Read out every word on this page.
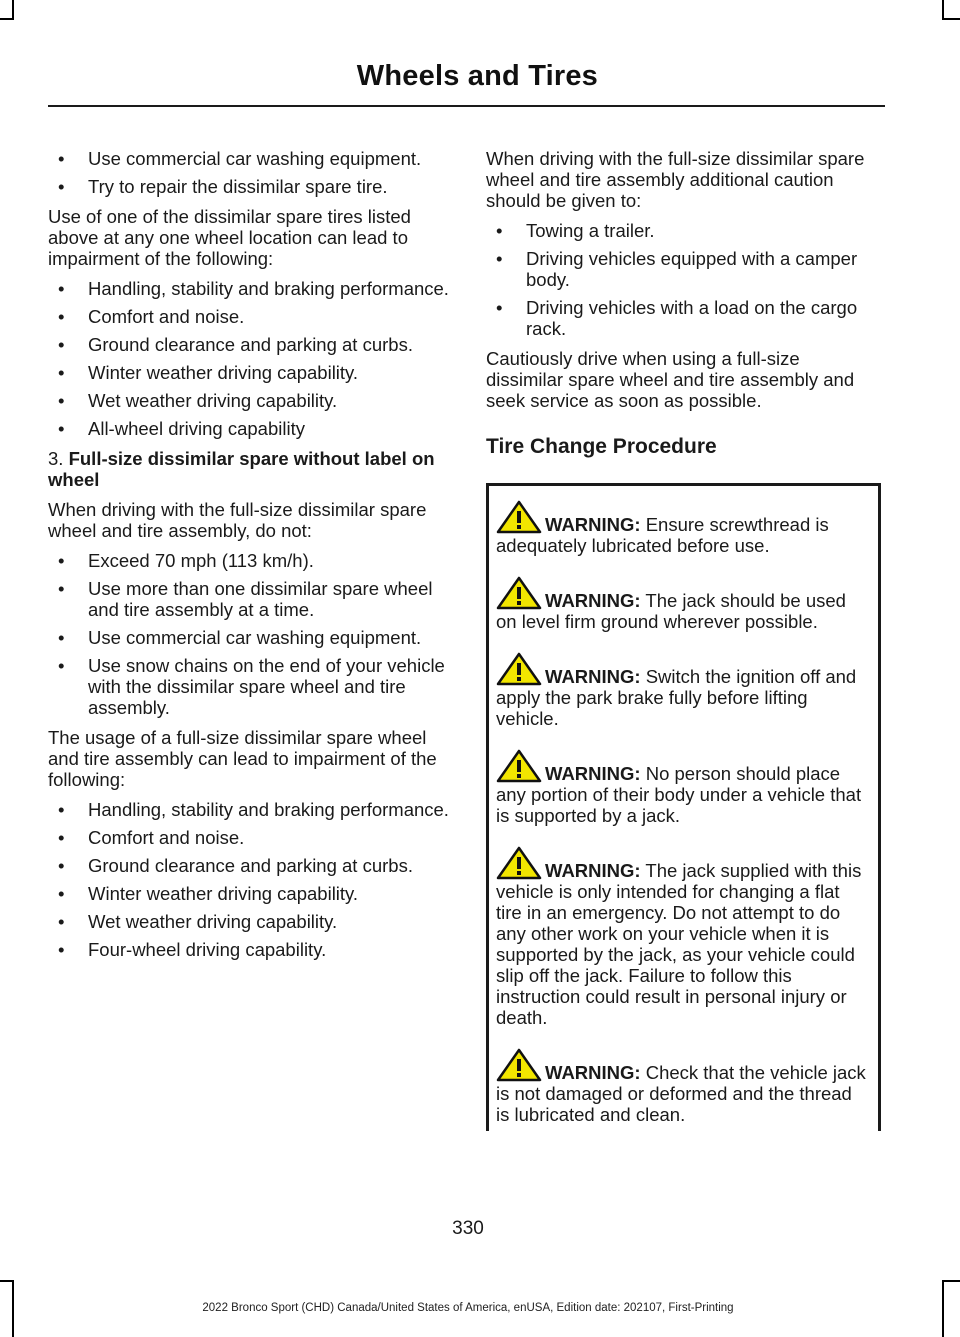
Wheels and Tires
• Use commercial car washing equipment.
• Try to repair the dissimilar spare tire.

Use of one of the dissimilar spare tires listed above at any one wheel location can lead to impairment of the following:

• Handling, stability and braking performance.
• Comfort and noise.
• Ground clearance and parking at curbs.
• Winter weather driving capability.
• Wet weather driving capability.
• All-wheel driving capability
3. Full-size dissimilar spare without label on wheel

When driving with the full-size dissimilar spare wheel and tire assembly, do not:

• Exceed 70 mph (113 km/h).
• Use more than one dissimilar spare wheel and tire assembly at a time.
• Use commercial car washing equipment.
• Use snow chains on the end of your vehicle with the dissimilar spare wheel and tire assembly.

The usage of a full-size dissimilar spare wheel and tire assembly can lead to impairment of the following:

• Handling, stability and braking performance.
• Comfort and noise.
• Ground clearance and parking at curbs.
• Winter weather driving capability.
• Wet weather driving capability.
• Four-wheel driving capability.

When driving with the full-size dissimilar spare wheel and tire assembly additional caution should be given to:

• Towing a trailer.
• Driving vehicles equipped with a camper body.
• Driving vehicles with a load on the cargo rack.

Cautiously drive when using a full-size dissimilar spare wheel and tire assembly and seek service as soon as possible.

Tire Change Procedure
WARNING: Ensure screwthread is adequately lubricated before use.
WARNING: The jack should be used on level firm ground wherever possible.
WARNING: Switch the ignition off and apply the park brake fully before lifting vehicle.
WARNING: No person should place any portion of their body under a vehicle that is supported by a jack.
WARNING: The jack supplied with this vehicle is only intended for changing a flat tire in an emergency. Do not attempt to do any other work on your vehicle when it is supported by the jack, as your vehicle could slip off the jack. Failure to follow this instruction could result in personal injury or death.
WARNING: Check that the vehicle jack is not damaged or deformed and the thread is lubricated and clean.
330
2022 Bronco Sport (CHD) Canada/United States of America, enUSA, Edition date: 202107, First-Printing
